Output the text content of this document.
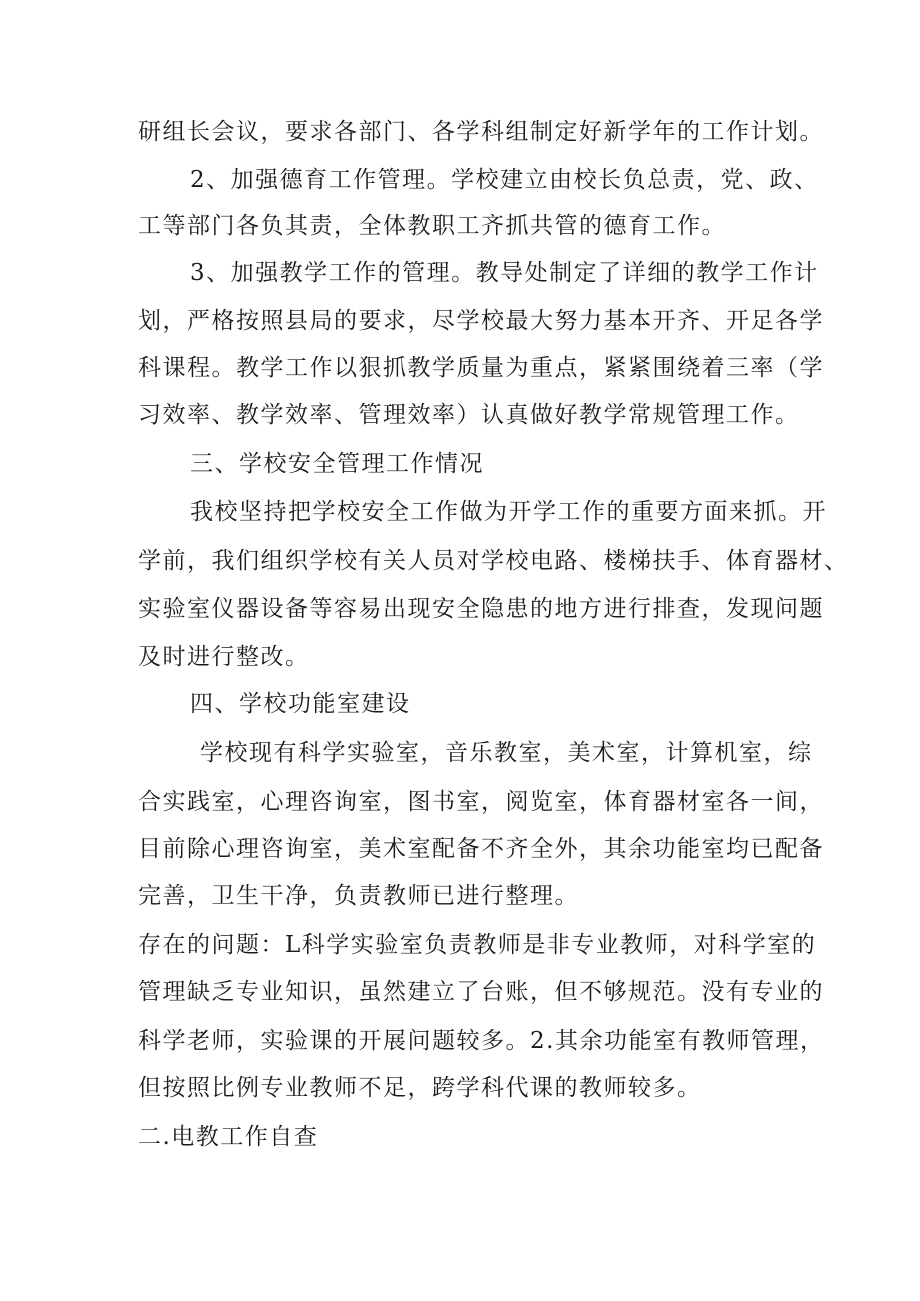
研组长会议，要求各部门、各学科组制定好新学年的工作计划。
2、加强德育工作管理。学校建立由校长负总责，党、政、
工等部门各负其责，全体教职工齐抓共管的德育工作。
3、加强教学工作的管理。教导处制定了详细的教学工作计
划，严格按照县局的要求，尽学校最大努力基本开齐、开足各学
科课程。教学工作以狠抓教学质量为重点，紧紧围绕着三率（学
习效率、教学效率、管理效率）认真做好教学常规管理工作。
三、学校安全管理工作情况
我校坚持把学校安全工作做为开学工作的重要方面来抓。开
学前，我们组织学校有关人员对学校电路、楼梯扶手、体育器材、
实验室仪器设备等容易出现安全隐患的地方进行排查，发现问题
及时进行整改。
四、学校功能室建设
学校现有科学实验室，音乐教室，美术室，计算机室，综
合实践室，心理咨询室，图书室，阅览室，体育器材室各一间，
目前除心理咨询室，美术室配备不齐全外，其余功能室均已配备
完善，卫生干净，负责教师已进行整理。
存在的问题：L科学实验室负责教师是非专业教师，对科学室的
管理缺乏专业知识，虽然建立了台账，但不够规范。没有专业的
科学老师，实验课的开展问题较多。2.其余功能室有教师管理，
但按照比例专业教师不足，跨学科代课的教师较多。
二.电教工作自查
